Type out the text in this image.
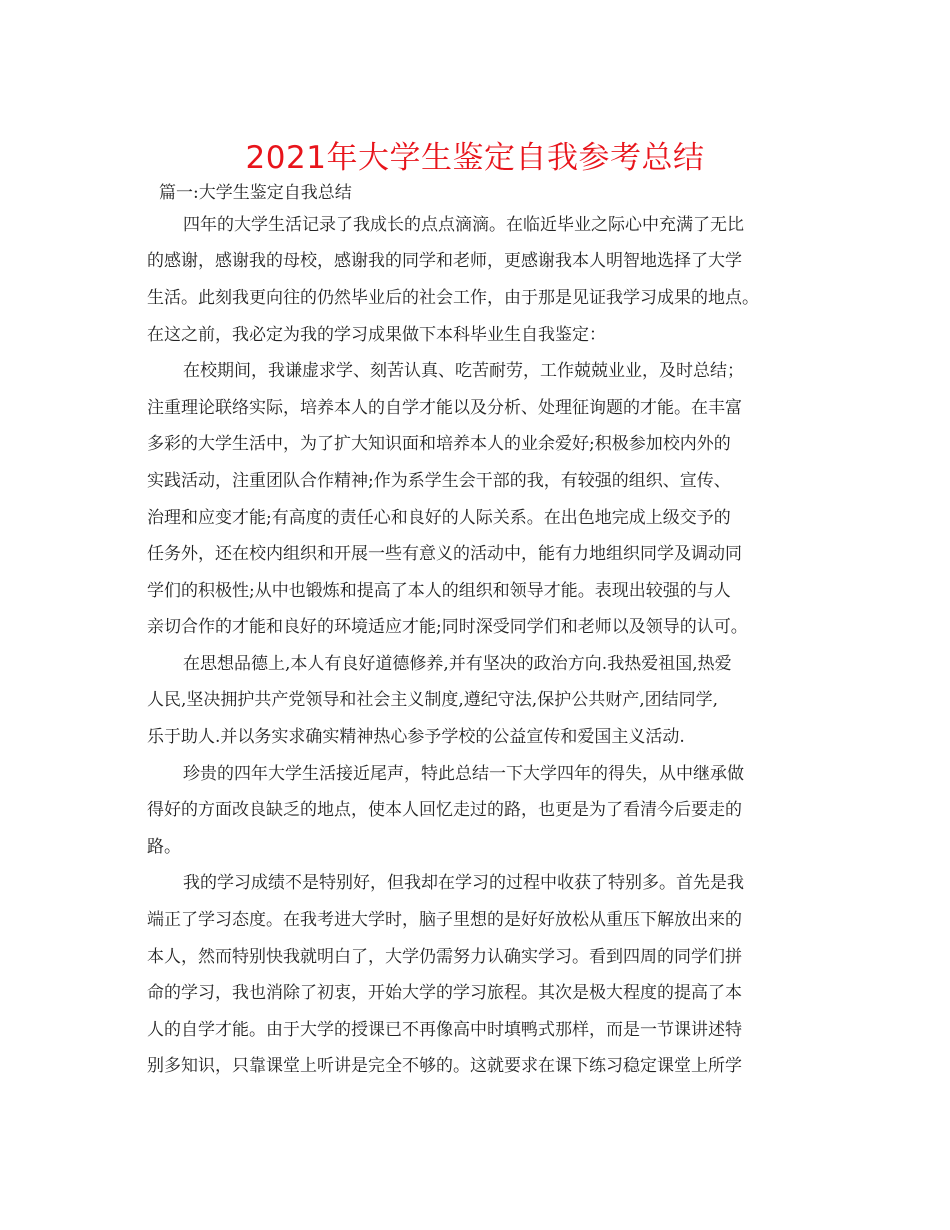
2021年大学生鉴定自我参考总结
篇一:大学生鉴定自我总结
四年的大学生活记录了我成长的点点滴滴。在临近毕业之际心中充满了无比
的感谢，感谢我的母校，感谢我的同学和老师，更感谢我本人明智地选择了大学
生活。此刻我更向往的仍然毕业后的社会工作，由于那是见证我学习成果的地点。
在这之前，我必定为我的学习成果做下本科毕业生自我鉴定：
在校期间，我谦虚求学、刻苦认真、吃苦耐劳，工作兢兢业业，及时总结；
注重理论联络实际，培养本人的自学才能以及分析、处理征询题的才能。在丰富
多彩的大学生活中，为了扩大知识面和培养本人的业余爱好;积极参加校内外的
实践活动，注重团队合作精神;作为系学生会干部的我，有较强的组织、宣传、
治理和应变才能;有高度的责任心和良好的人际关系。在出色地完成上级交予的
任务外，还在校内组织和开展一些有意义的活动中，能有力地组织同学及调动同
学们的积极性;从中也锻炼和提高了本人的组织和领导才能。表现出较强的与人
亲切合作的才能和良好的环境适应才能;同时深受同学们和老师以及领导的认可。
在思想品德上,本人有良好道德修养,并有坚决的政治方向.我热爱祖国,热爱
人民,坚决拥护共产党领导和社会主义制度,遵纪守法,保护公共财产,团结同学,
乐于助人.并以务实求确实精神热心参予学校的公益宣传和爱国主义活动.
珍贵的四年大学生活接近尾声，特此总结一下大学四年的得失，从中继承做
得好的方面改良缺乏的地点，使本人回忆走过的路，也更是为了看清今后要走的
路。
我的学习成绩不是特别好，但我却在学习的过程中收获了特别多。首先是我
端正了学习态度。在我考进大学时，脑子里想的是好好放松从重压下解放出来的
本人，然而特别快我就明白了，大学仍需努力认确实学习。看到四周的同学们拼
命的学习，我也消除了初衷，开始大学的学习旅程。其次是极大程度的提高了本
人的自学才能。由于大学的授课已不再像高中时填鸭式那样，而是一节课讲述特
别多知识，只靠课堂上听讲是完全不够的。这就要求在课下练习稳定课堂上所学
